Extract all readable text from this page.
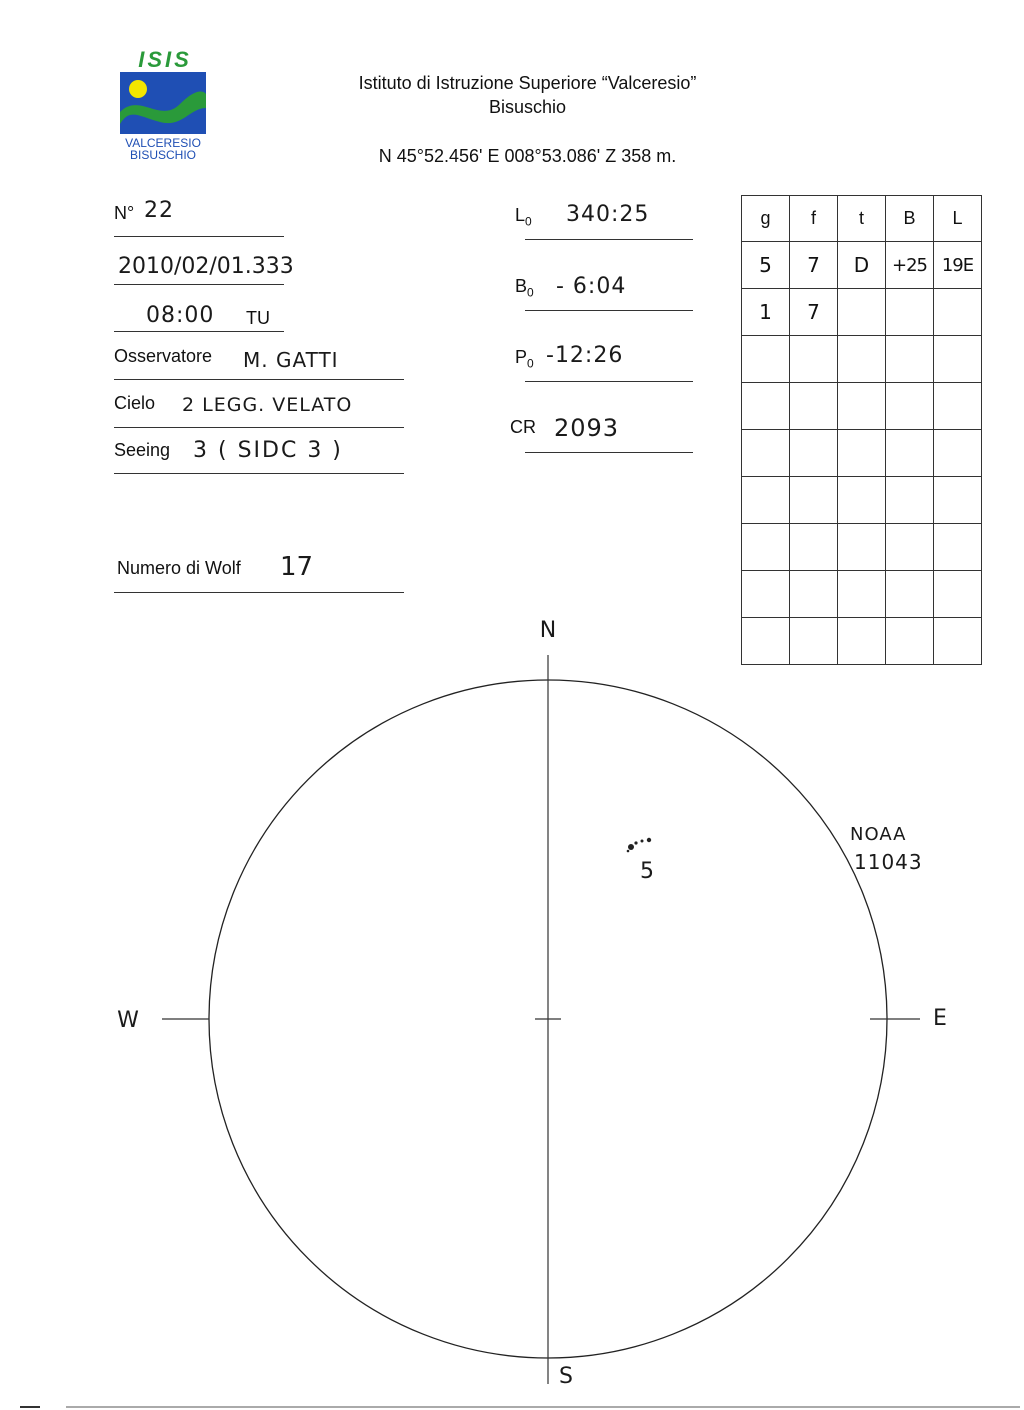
ISIS
VALCERESIO
BISUSCHIO
Istituto di Istruzione Superiore “Valceresio”
Bisuschio
N 45°52.456' E 008°53.086' Z 358 m.
N° 22
2010/02/01.333
08:00 TU
Osservatore M. GATTI
Cielo 2 LEGG. VELATO
Seeing 3 ( SIDC 3 )
Numero di Wolf 17
$L_0$ 340:25
$B_0$ - 6:04
$P_0$ -12:26
CR 2093
g	f	t	B	L
5	7	D	+25	19E
1	7			

N
S
W	E
5
NOAA
11043
